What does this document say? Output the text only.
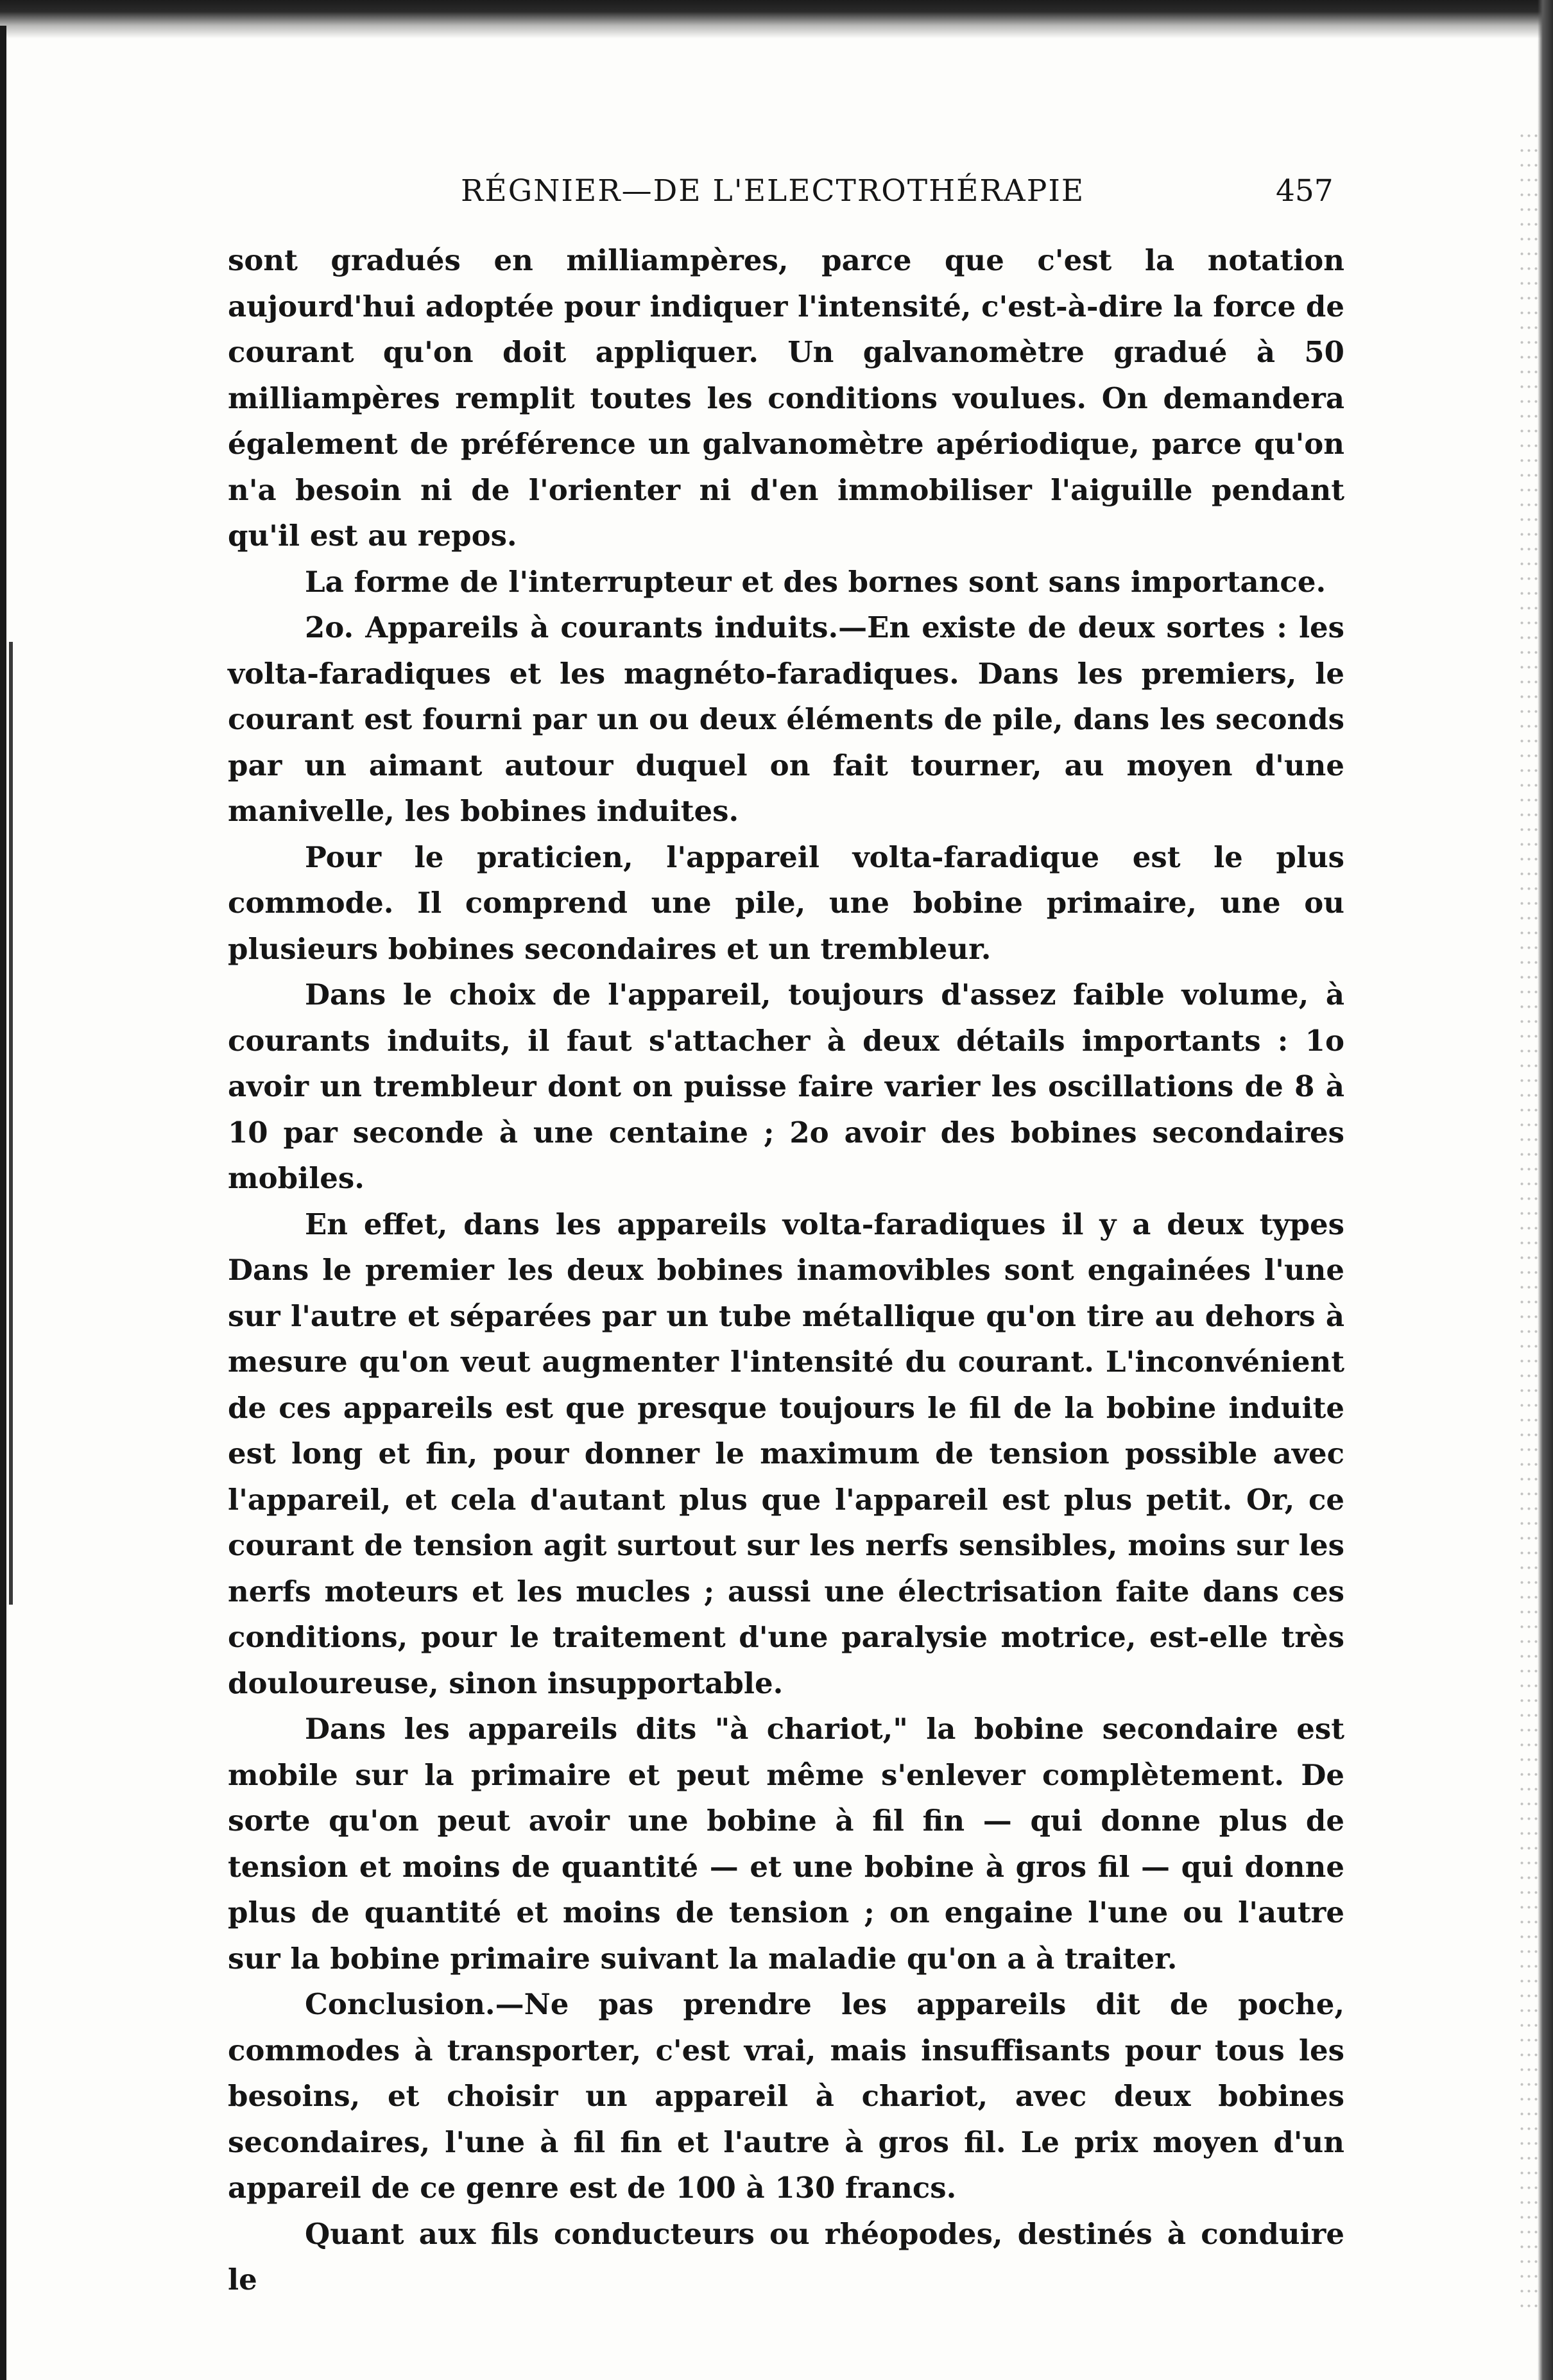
RÉGNIER—DE L'ELECTROTHÉRAPIE	457

sont gradués en milliampères, parce que c'est la notation aujourd'hui adoptée pour indiquer l'intensité, c'est-à-dire la force de courant qu'on doit appliquer. Un galvanomètre gradué à 50 milliampères remplit toutes les conditions voulues. On demandera également de préférence un galvanomètre apériodique, parce qu'on n'a besoin ni de l'orienter ni d'en immobiliser l'aiguille pendant qu'il est au repos.

La forme de l'interrupteur et des bornes sont sans importance.

2o. Appareils à courants induits.—En existe de deux sortes : les volta-faradiques et les magnéto-faradiques. Dans les premiers, le courant est fourni par un ou deux éléments de pile, dans les seconds par un aimant autour duquel on fait tourner, au moyen d'une manivelle, les bobines induites.

Pour le praticien, l'appareil volta-faradique est le plus commode. Il comprend une pile, une bobine primaire, une ou plusieurs bobines secondaires et un trembleur.

Dans le choix de l'appareil, toujours d'assez faible volume, à courants induits, il faut s'attacher à deux détails importants : 1o avoir un trembleur dont on puisse faire varier les oscillations de 8 à 10 par seconde à une centaine ; 2o avoir des bobines secondaires mobiles.

En effet, dans les appareils volta-faradiques il y a deux types Dans le premier les deux bobines inamovibles sont engainées l'une sur l'autre et séparées par un tube métallique qu'on tire au dehors à mesure qu'on veut augmenter l'intensité du courant. L'inconvénient de ces appareils est que presque toujours le fil de la bobine induite est long et fin, pour donner le maximum de tension possible avec l'appareil, et cela d'autant plus que l'appareil est plus petit. Or, ce courant de tension agit surtout sur les nerfs sensibles, moins sur les nerfs moteurs et les mucles ; aussi une électrisation faite dans ces conditions, pour le traitement d'une paralysie motrice, est-elle très douloureuse, sinon insupportable.

Dans les appareils dits "à chariot," la bobine secondaire est mobile sur la primaire et peut même s'enlever complètement. De sorte qu'on peut avoir une bobine à fil fin — qui donne plus de tension et moins de quantité — et une bobine à gros fil — qui donne plus de quantité et moins de tension ; on engaine l'une ou l'autre sur la bobine primaire suivant la maladie qu'on a à traiter.

Conclusion.—Ne pas prendre les appareils dit de poche, commodes à transporter, c'est vrai, mais insuffisants pour tous les besoins, et choisir un appareil à chariot, avec deux bobines secondaires, l'une à fil fin et l'autre à gros fil. Le prix moyen d'un appareil de ce genre est de 100 à 130 francs.

Quant aux fils conducteurs ou rhéopodes, destinés à conduire le
